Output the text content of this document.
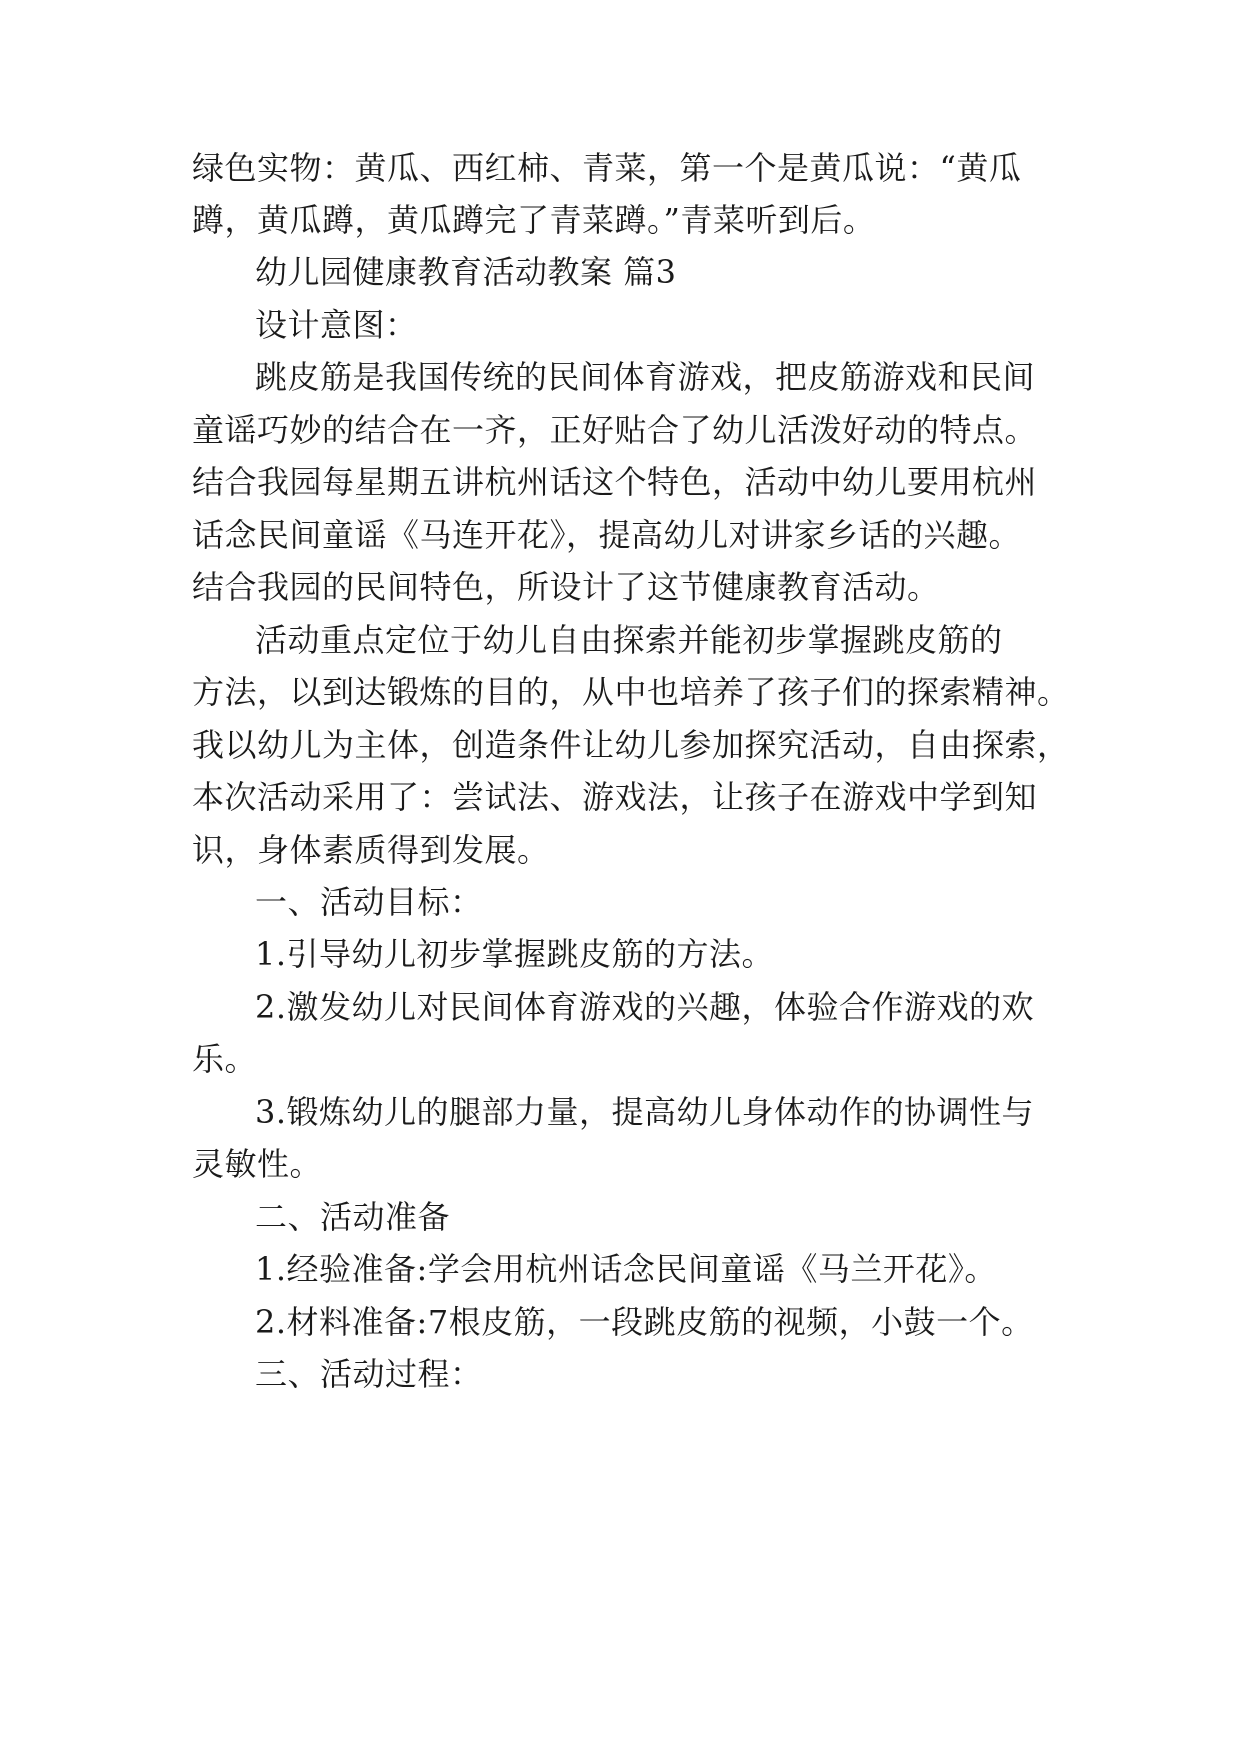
绿色实物：黄瓜、西红柿、青菜，第一个是黄瓜说：“黄瓜
蹲，黄瓜蹲，黄瓜蹲完了青菜蹲。”青菜听到后。
幼儿园健康教育活动教案 篇3
设计意图：
跳皮筋是我国传统的民间体育游戏，把皮筋游戏和民间
童谣巧妙的结合在一齐，正好贴合了幼儿活泼好动的特点。
结合我园每星期五讲杭州话这个特色，活动中幼儿要用杭州
话念民间童谣《马连开花》，提高幼儿对讲家乡话的兴趣。
结合我园的民间特色，所设计了这节健康教育活动。
活动重点定位于幼儿自由探索并能初步掌握跳皮筋的
方法，以到达锻炼的目的，从中也培养了孩子们的探索精神。
我以幼儿为主体，创造条件让幼儿参加探究活动，自由探索，
本次活动采用了：尝试法、游戏法，让孩子在游戏中学到知
识，身体素质得到发展。
一、活动目标：
1.引导幼儿初步掌握跳皮筋的方法。
2.激发幼儿对民间体育游戏的兴趣，体验合作游戏的欢
乐。
3.锻炼幼儿的腿部力量，提高幼儿身体动作的协调性与
灵敏性。
二、活动准备
1.经验准备:学会用杭州话念民间童谣《马兰开花》。
2.材料准备:7根皮筋，一段跳皮筋的视频，小鼓一个。
三、活动过程：
